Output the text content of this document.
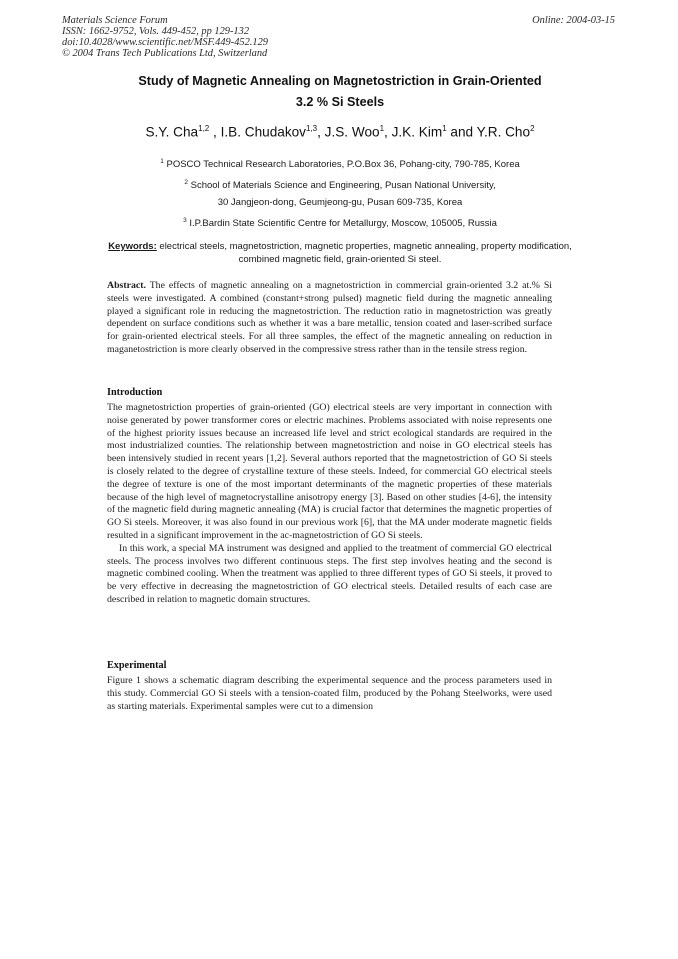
Materials Science Forum
ISSN: 1662-9752, Vols. 449-452, pp 129-132
doi:10.4028/www.scientific.net/MSF.449-452.129
© 2004 Trans Tech Publications Ltd, Switzerland
Online: 2004-03-15
Study of Magnetic Annealing on Magnetostriction in Grain-Oriented
3.2 % Si Steels
S.Y. Cha$^{1,2}$ , I.B. Chudakov$^{1,3}$, J.S. Woo$^1$, J.K. Kim$^1$ and Y.R. Cho$^2$
$^1$ POSCO Technical Research Laboratories, P.O.Box 36, Pohang-city, 790-785, Korea
$^2$ School of Materials Science and Engineering, Pusan National University,
30 Jangjeon-dong, Geumjeong-gu, Pusan 609-735, Korea
$^3$ I.P.Bardin State Scientific Centre for Metallurgy, Moscow, 105005, Russia
Keywords: electrical steels, magnetostriction, magnetic properties, magnetic annealing, property modification, combined magnetic field, grain-oriented Si steel.
Abstract. The effects of magnetic annealing on a magnetostriction in commercial grain-oriented 3.2 at.% Si steels were investigated. A combined (constant+strong pulsed) magnetic field during the magnetic annealing played a significant role in reducing the magnetostriction. The reduction ratio in magnetostriction was greatly dependent on surface conditions such as whether it was a bare metallic, tension coated and laser-scribed surface for grain-oriented electrical steels. For all three samples, the effect of the magnetic annealing on reduction in maganetostriction is more clearly observed in the compressive stress rather than in the tensile stress region.
Introduction

The magnetostriction properties of grain-oriented (GO) electrical steels are very important in connection with noise generated by power transformer cores or electric machines. Problems associated with noise represents one of the highest priority issues because an increased life level and strict ecological standards are required in the most industrialized counties. The relationship between magnetostriction and noise in GO electrical steels has been intensively studied in recent years [1,2]. Several authors reported that the magnetostriction of GO Si steels is closely related to the degree of crystalline texture of these steels. Indeed, for commercial GO electrical steels the degree of texture is one of the most important determinants of the magnetic properties of these materials because of the high level of magnetocrystalline anisotropy energy [3]. Based on other studies [4-6], the intensity of the magnetic field during magnetic annealing (MA) is crucial factor that determines the magnetic properties of GO Si steels. Moreover, it was also found in our previous work [6], that the MA under moderate magnetic fields resulted in a significant improvement in the ac-magnetostriction of GO Si steels.

In this work, a special MA instrument was designed and applied to the treatment of commercial GO electrical steels. The process involves two different continuous steps. The first step involves heating and the second is magnetic combined cooling. When the treatment was applied to three different types of GO Si steels, it proved to be very effective in decreasing the magnetostriction of GO electrical steels. Detailed results of each case are described in relation to magnetic domain structures.

Experimental

Figure 1 shows a schematic diagram describing the experimental sequence and the process parameters used in this study. Commercial GO Si steels with a tension-coated film, produced by the Pohang Steelworks, were used as starting materials. Experimental samples were cut to a dimension
